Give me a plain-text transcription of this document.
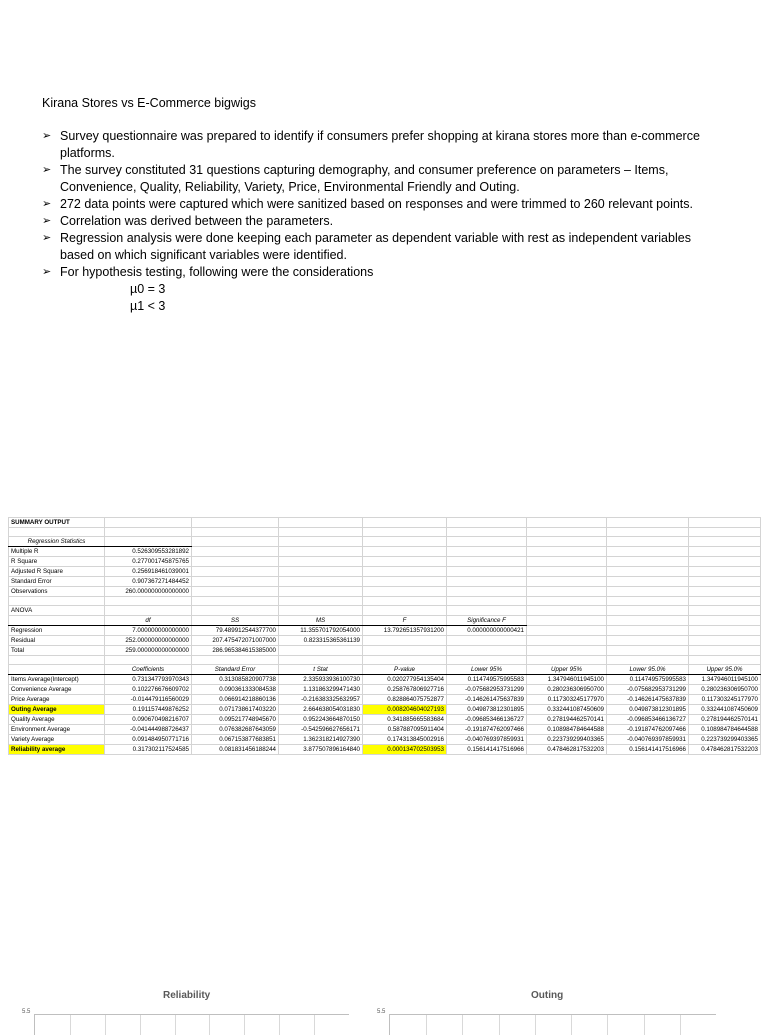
Kirana Stores vs E-Commerce bigwigs
➢ Survey questionnaire was prepared to identify if consumers prefer shopping at kirana stores more than e-commerce platforms.
➢ The survey constituted 31 questions capturing demography, and consumer preference on parameters – Items, Convenience, Quality, Reliability, Variety, Price, Environmental Friendly and Outing.
➢ 272 data points were captured which were sanitized based on responses and were trimmed to 260 relevant points.
➢ Correlation was derived between the parameters.
➢ Regression analysis were done keeping each parameter as dependent variable with rest as independent variables based on which significant variables were identified.
➢ For hypothesis testing, following were the considerations
µ0 = 3
µ1 < 3
SUMMARY OUTPUT								

Regression Statistics								
Multiple R	0.526309553281892							
R Square	0.277001745875765							
Adjusted R Square	0.256918461039001							
Standard Error	0.907367271484452							
Observations	260.000000000000000							

ANOVA								
	df	SS	MS	F	Significance F			
Regression	7.000000000000000	79.489912544377700	11.355701792054000	13.792651357931200	0.000000000000421			
Residual	252.000000000000000	207.475472071007000	0.823315365361139					
Total	259.000000000000000	286.965384615385000						

	Coefficients	Standard Error	t Stat	P-value	Lower 95%	Upper 95%	Lower 95.0%	Upper 95.0%
Items Average(Intercept)	0.731347793970343	0.313085820907738	2.335933936100730	0.020277954135404	0.114749575995583	1.347946011945100	0.114749575995583	1.347946011945100
Convenience Average	0.102276676609702	0.090361333084538	1.131863299471430	0.258767806927716	-0.075682953731299	0.280236306950700	-0.075682953731299	0.280236306950700
Price Average	-0.014479116560029	0.066914218860136	-0.216383325632957	0.828864075752877	-0.146261475637839	0.117303245177970	-0.146261475637839	0.117303245177970
Outing Average	0.191157449876252	0.071738617403220	2.664638054031830	0.008204604027193	0.049873812301895	0.332441087450609	0.049873812301895	0.332441087450609
Quality Average	0.090670498216707	0.095217748945670	0.952243664870150	0.341885665583684	-0.096853466136727	0.278194462570141	-0.096853466136727	0.278194462570141
Environment Average	-0.041444988726437	0.076382687643059	-0.542596627656171	0.587887095911404	-0.191874762097466	0.108984784644588	-0.191874762097466	0.108984784644588
Variety Average	0.091484950771716	0.067153877683851	1.362318214927390	0.174313845002916	-0.040769397859931	0.223739299403365	-0.040769397859931	0.223739299403365
Reliability average	0.317302117524585	0.081831456188244	3.877507896164840	0.000134702503953	0.156141417516966	0.478462817532203	0.156141417516966	0.478462817532203
Reliability	Outing
5.5	5.5
